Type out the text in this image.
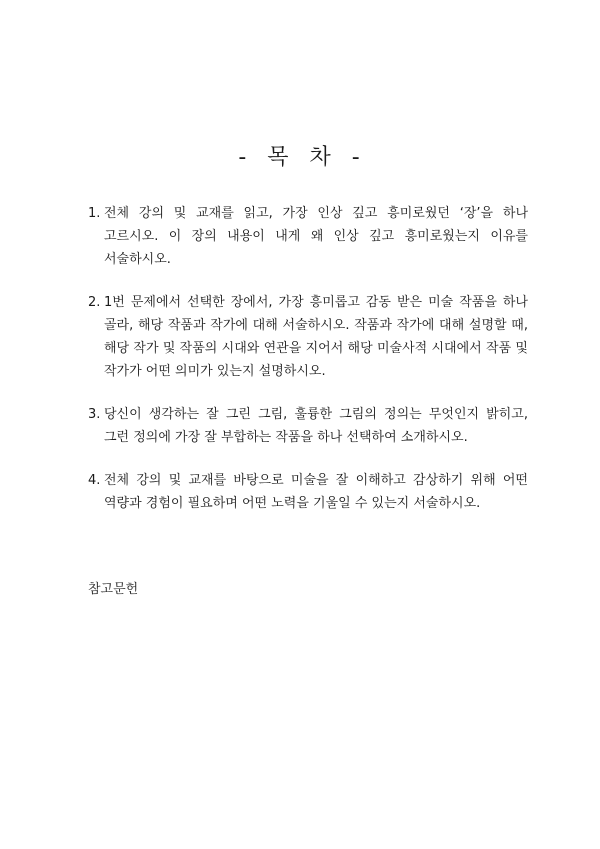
- 목 차 -
1. 전체 강의 및 교재를 읽고, 가장 인상 깊고 흥미로웠던 ‘장’을 하나 고르시오. 이 장의 내용이 내게 왜 인상 깊고 흥미로웠는지 이유를 서술하시오.
2. 1번 문제에서 선택한 장에서, 가장 흥미롭고 감동 받은 미술 작품을 하나 골라, 해당 작품과 작가에 대해 서술하시오. 작품과 작가에 대해 설명할 때, 해당 작가 및 작품의 시대와 연관을 지어서 해당 미술사적 시대에서 작품 및 작가가 어떤 의미가 있는지 설명하시오.
3. 당신이 생각하는 잘 그린 그림, 훌륭한 그림의 정의는 무엇인지 밝히고, 그런 정의에 가장 잘 부합하는 작품을 하나 선택하여 소개하시오.
4. 전체 강의 및 교재를 바탕으로 미술을 잘 이해하고 감상하기 위해 어떤 역량과 경험이 필요하며 어떤 노력을 기울일 수 있는지 서술하시오.
참고문헌
